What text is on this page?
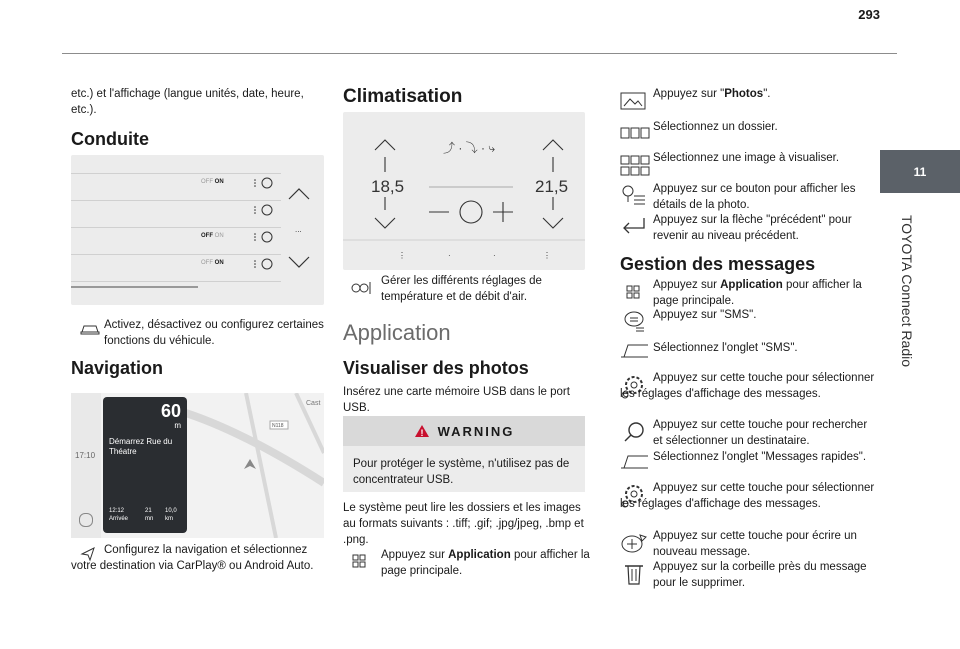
293
11
TOYOTA Connect Radio
etc.) et l'affichage (langue unités, date, heure, etc.).
Conduite
OFF ON
OFF ON
OFF ON
...
Activez, désactivez ou configurez certaines fonctions du véhicule.
Navigation
N118
Cast
17:10
60
m
Démarrez Rue du Théatre
12:12
Arrivée
21
mn
10,0
km
Configurez la navigation et sélectionnez votre destination via CarPlay® ou Android Auto.
Climatisation
18,5	21,5
⤴ · ⤵ · ⤷
⋮	·	·	⋮
Gérer les différents réglages de température et de débit d'air.
Application
Visualiser des photos
Insérez une carte mémoire USB dans le port USB.
! WARNING
Pour protéger le système, n'utilisez pas de concentrateur USB.
Le système peut lire les dossiers et les images au formats suivants : .tiff; .gif; .jpg/jpeg, .bmp et .png.
Appuyez sur Application pour afficher la page principale.
Appuyez sur "Photos".
Sélectionnez un dossier.
Sélectionnez une image à visualiser.
Appuyez sur ce bouton pour afficher les détails de la photo.
Appuyez sur la flèche "précédent" pour revenir au niveau précédent.
Gestion des messages
Appuyez sur Application pour afficher la page principale.
Appuyez sur "SMS".
Sélectionnez l'onglet "SMS".
Appuyez sur cette touche pour sélectionner les réglages d'affichage des messages.
Appuyez sur cette touche pour rechercher et sélectionner un destinataire.
Sélectionnez l'onglet "Messages rapides".
Appuyez sur cette touche pour sélectionner les réglages d'affichage des messages.
Appuyez sur cette touche pour écrire un nouveau message.
Appuyez sur la corbeille près du message pour le supprimer.
